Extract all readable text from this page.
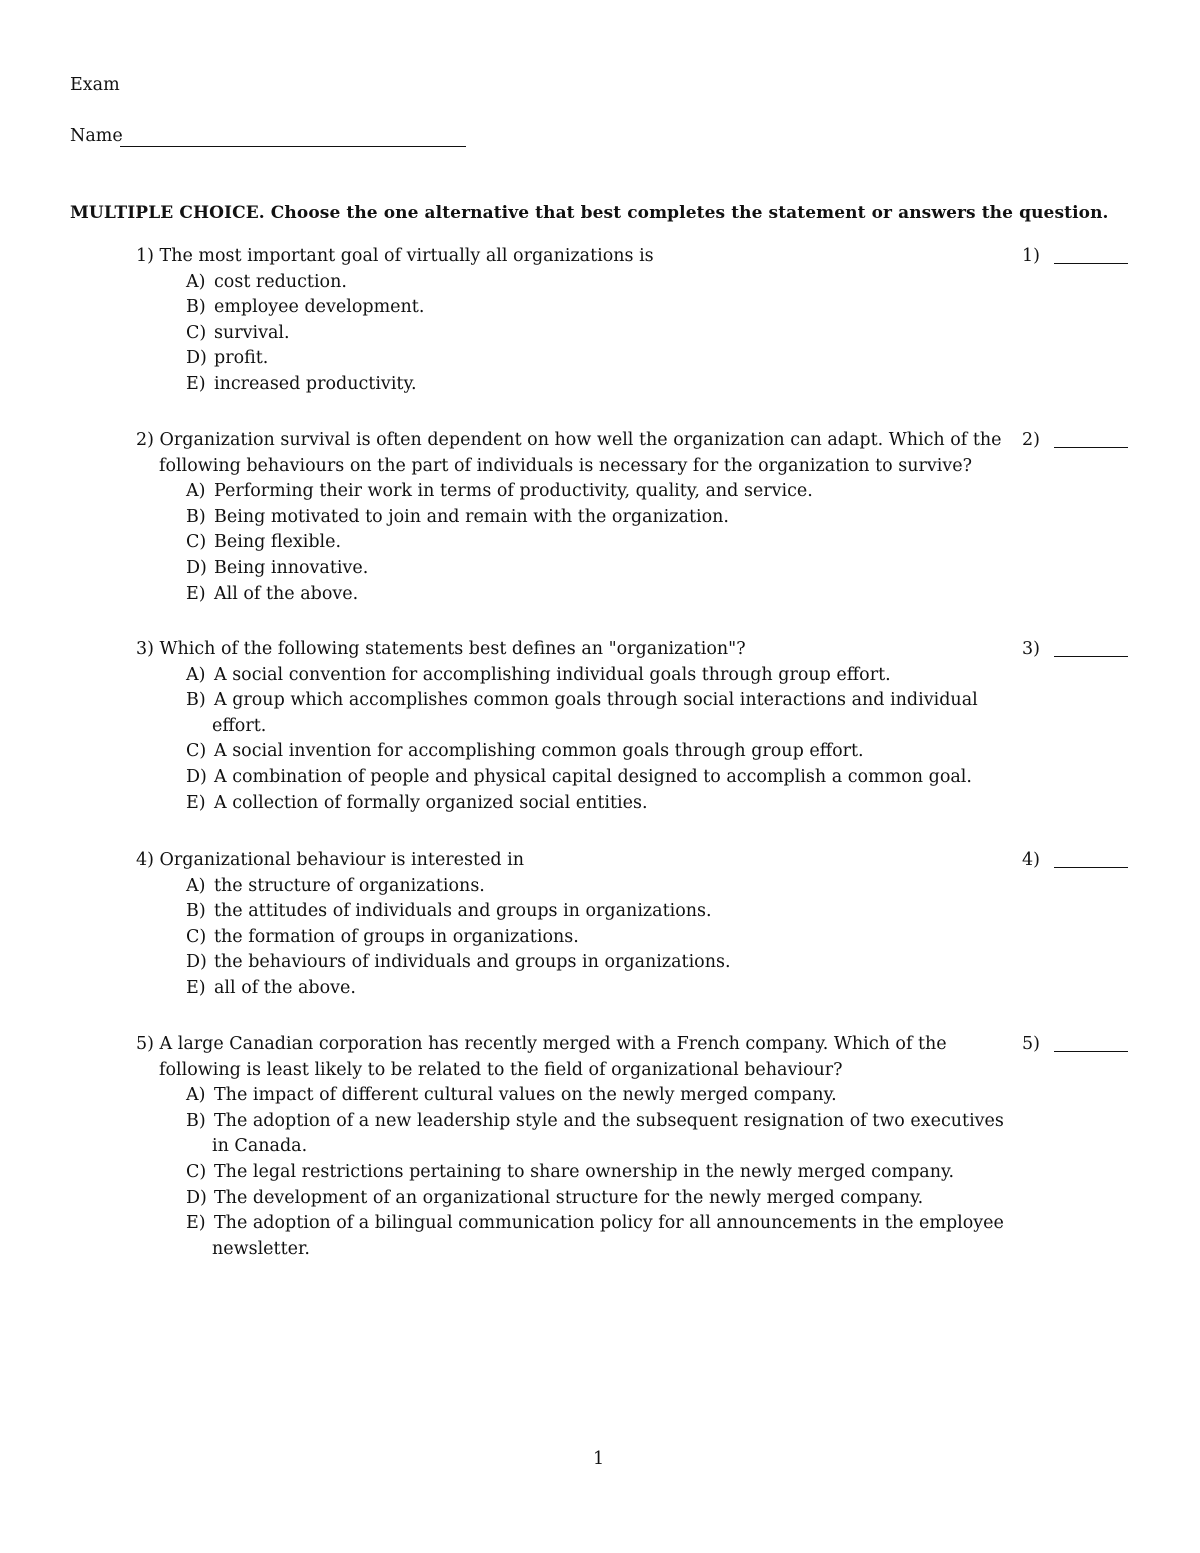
Exam
Name
MULTIPLE CHOICE. Choose the one alternative that best completes the statement or answers the question.
1) The most important goal of virtually all organizations is
A) cost reduction.
B) employee development.
C) survival.
D) profit.
E) increased productivity.
1)
2) Organization survival is often dependent on how well the organization can adapt. Which of the
following behaviours on the part of individuals is necessary for the organization to survive?
A) Performing their work in terms of productivity, quality, and service.
B) Being motivated to join and remain with the organization.
C) Being flexible.
D) Being innovative.
E) All of the above.
2)
3) Which of the following statements best defines an "organization"?
A) A social convention for accomplishing individual goals through group effort.
B) A group which accomplishes common goals through social interactions and individual
effort.
C) A social invention for accomplishing common goals through group effort.
D) A combination of people and physical capital designed to accomplish a common goal.
E) A collection of formally organized social entities.
3)
4) Organizational behaviour is interested in
A) the structure of organizations.
B) the attitudes of individuals and groups in organizations.
C) the formation of groups in organizations.
D) the behaviours of individuals and groups in organizations.
E) all of the above.
4)
5) A large Canadian corporation has recently merged with a French company. Which of the
following is least likely to be related to the field of organizational behaviour?
A) The impact of different cultural values on the newly merged company.
B) The adoption of a new leadership style and the subsequent resignation of two executives
in Canada.
C) The legal restrictions pertaining to share ownership in the newly merged company.
D) The development of an organizational structure for the newly merged company.
E) The adoption of a bilingual communication policy for all announcements in the employee
newsletter.
5)
1
